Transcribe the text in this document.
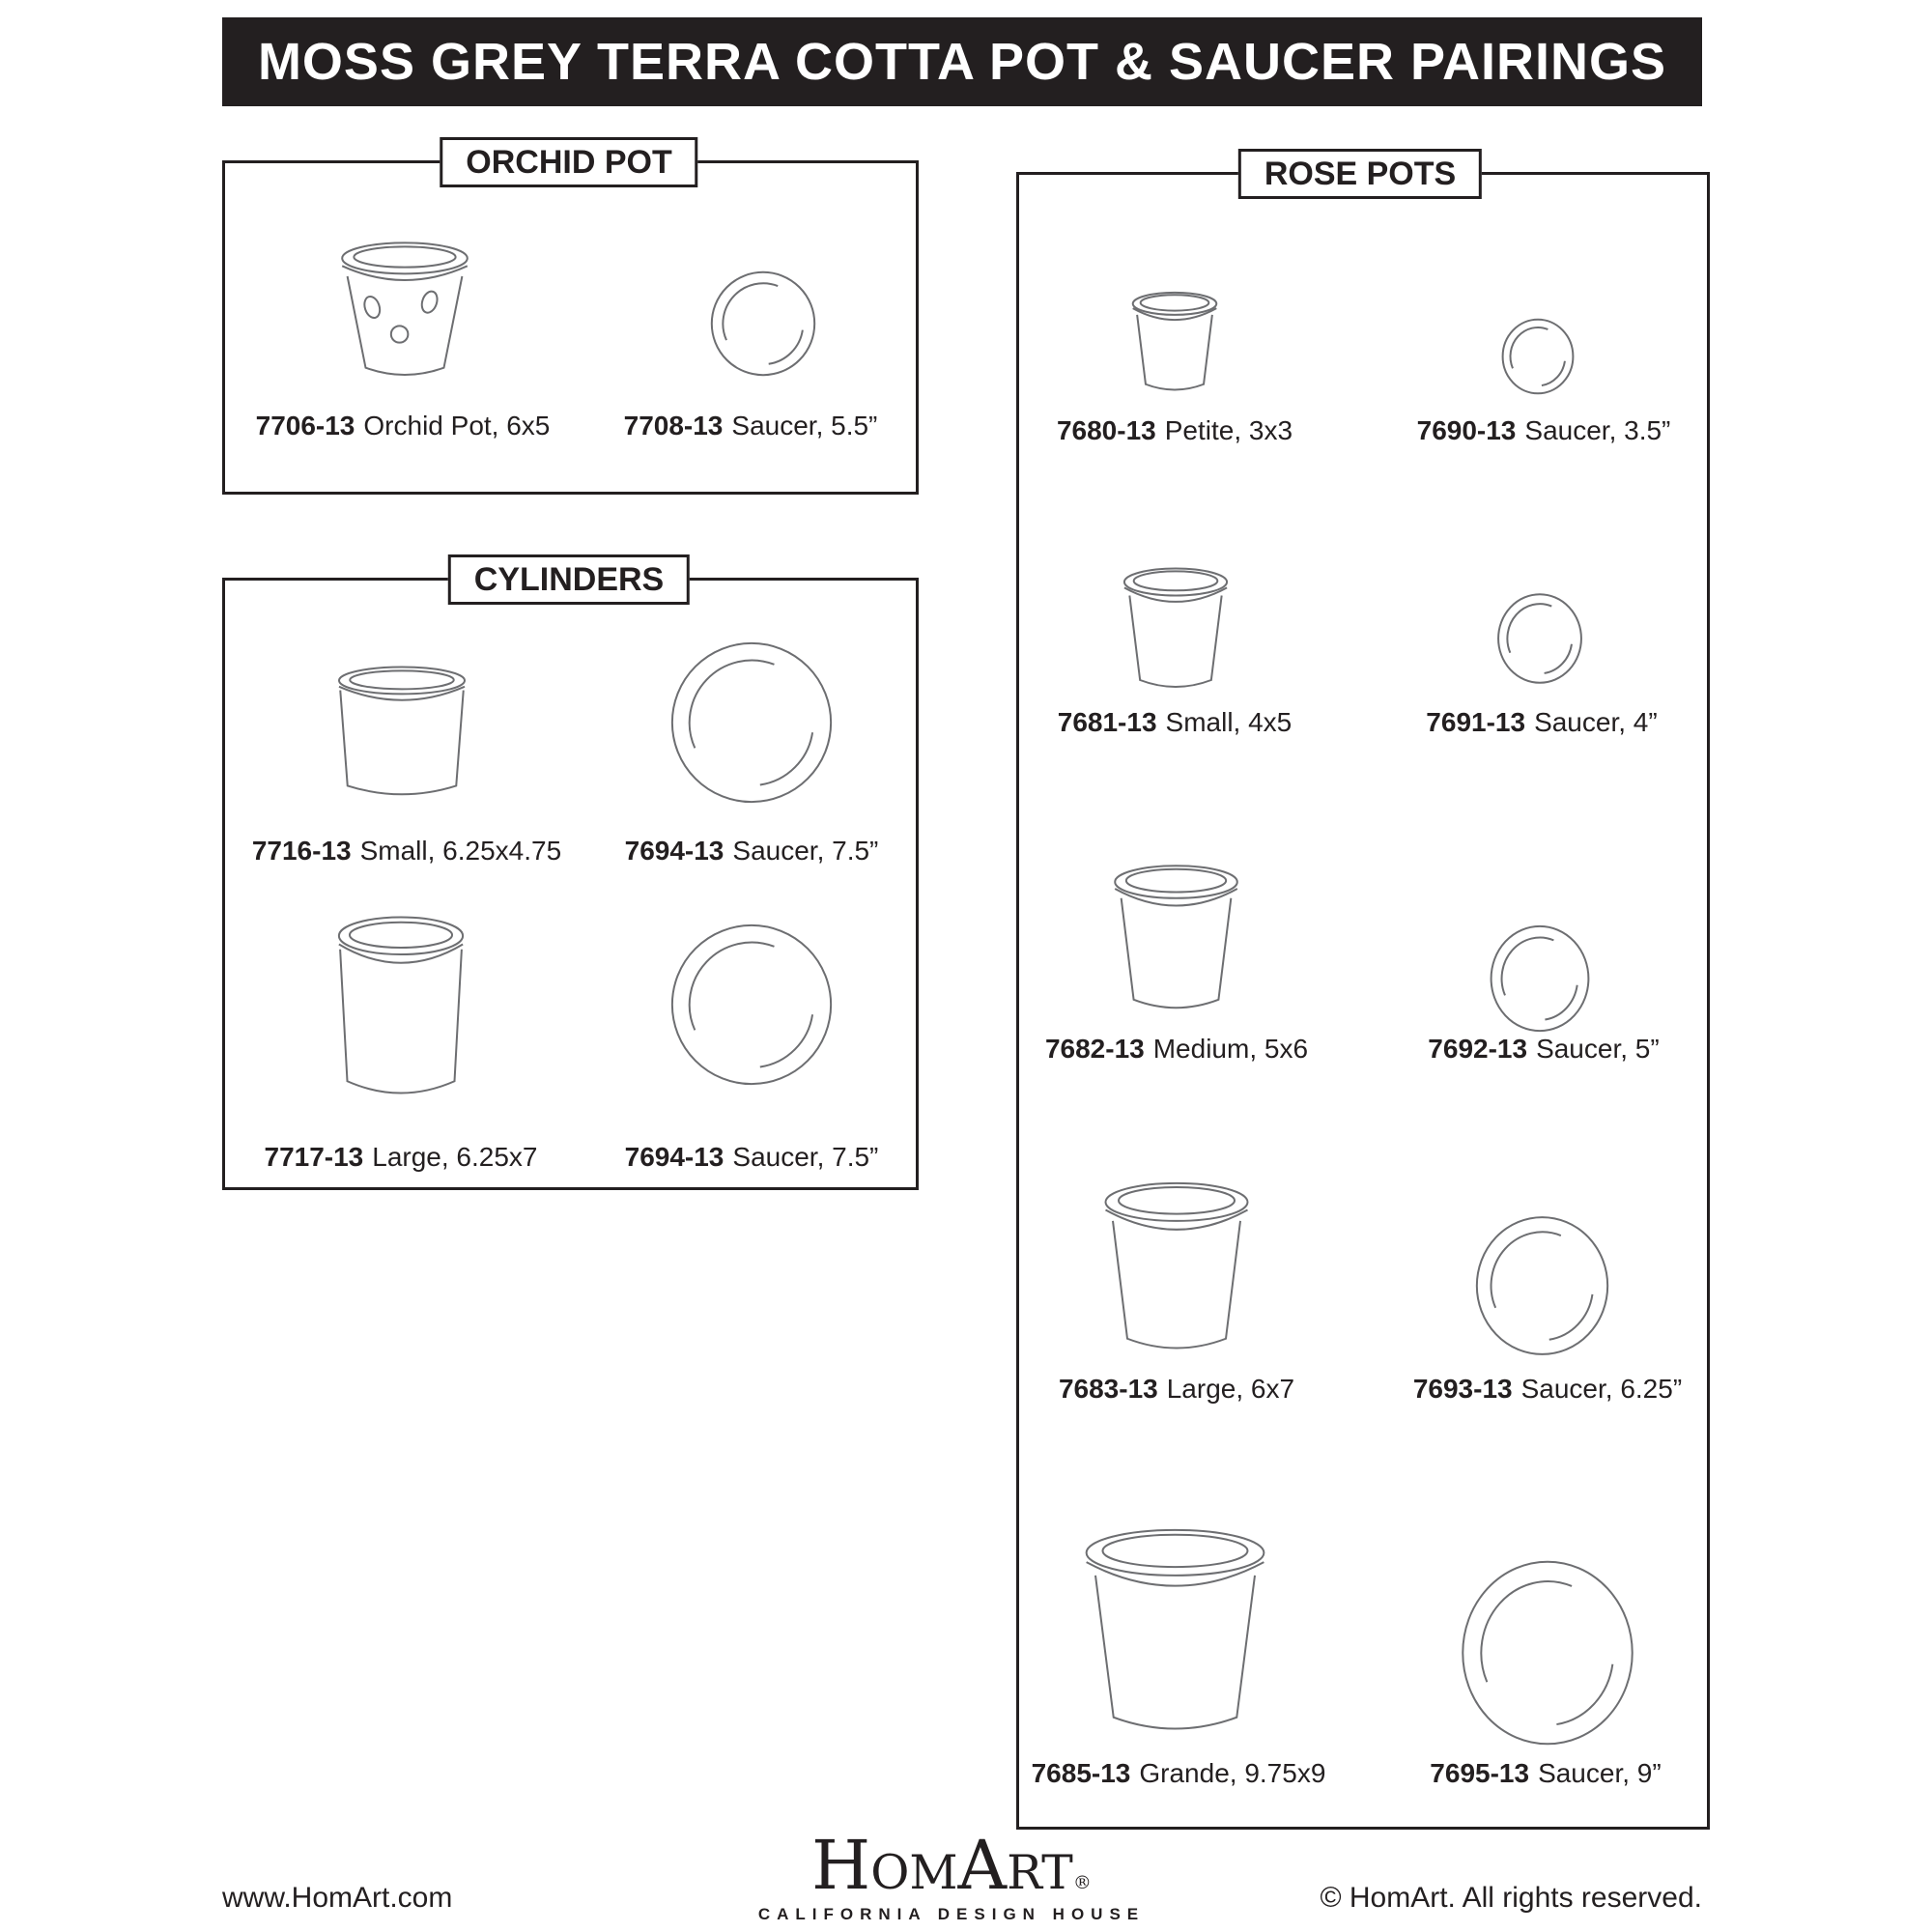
MOSS GREY TERRA COTTA POT & SAUCER PAIRINGS
ORCHID POT
CYLINDERS
ROSE POTS
7706-13 Orchid Pot, 6x5	7708-13 Saucer, 5.5”
7716-13 Small, 6.25x4.75 7694-13 Saucer, 7.5”
7717-13 Large, 6.25x7	7694-13 Saucer, 7.5”
7680-13 Petite, 3x3	7690-13 Saucer, 3.5”
7681-13 Small, 4x5	7691-13 Saucer, 4”
7682-13 Medium, 5x6	7692-13 Saucer, 5”
7683-13 Large, 6x7	7693-13 Saucer, 6.25”
7685-13 Grande, 9.75x9	7695-13 Saucer, 9”
www.HomArt.com	HomArt®
CALIFORNIA DESIGN HOUSE
© HomArt. All rights reserved.
